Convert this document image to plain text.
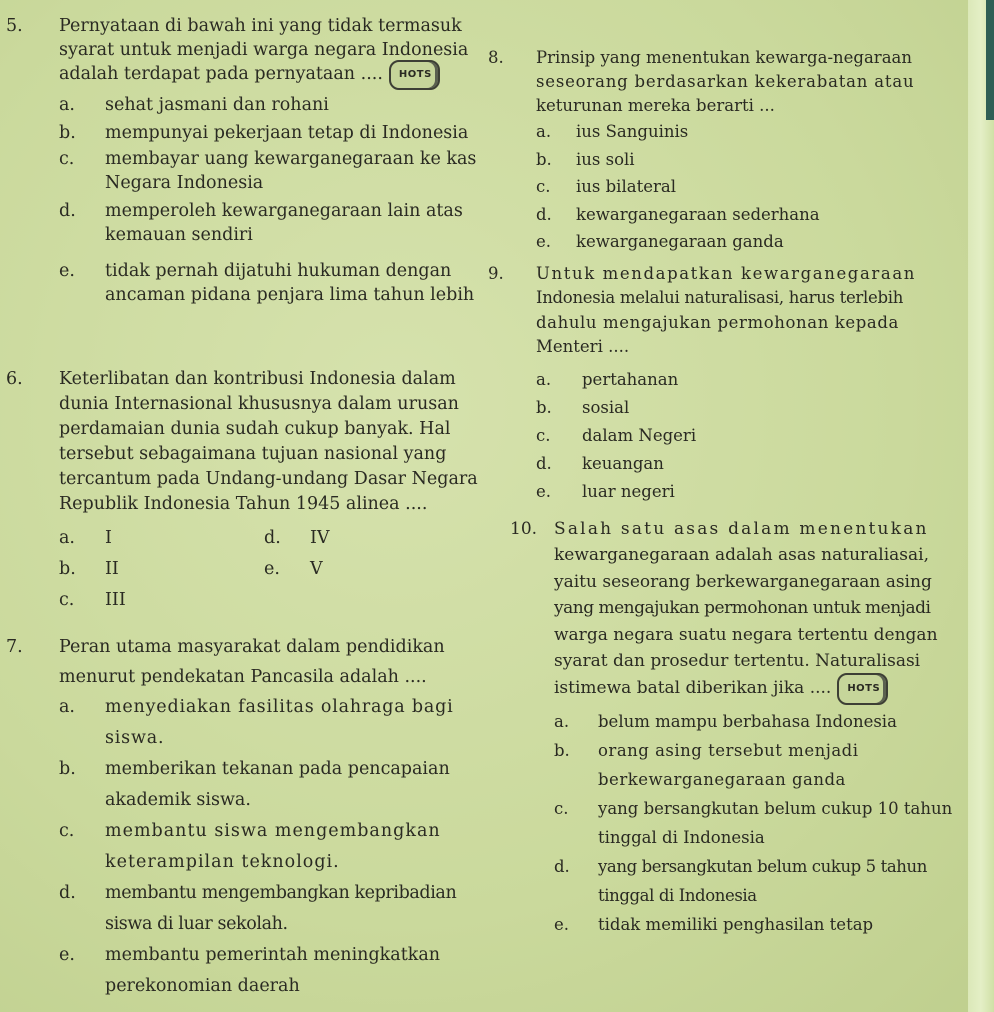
5.	Pernyataan di bawah ini yang tidak termasuk

syarat untuk menjadi warga negara Indonesia

adalah terdapat pada pernyataan .... HOTS

a.	sehat jasmani dan rohani
b.	mempunyai pekerjaan tetap di Indonesia
c.	membayar uang kewarganegaraan ke kas Negara Indonesia
d.	memperoleh kewarganegaraan lain atas kemauan sendiri
e.	tidak pernah dijatuhi hukuman dengan ancaman pidana penjara lima tahun lebih
6.	Keterlibatan dan kontribusi Indonesia dalam

dunia Internasional khususnya dalam urusan

perdamaian dunia sudah cukup banyak. Hal

tersebut sebagaimana tujuan nasional yang

tercantum pada Undang-undang Dasar Negara

Republik Indonesia Tahun 1945 alinea ....

a.	I	d.	IV
b.	II	e.	V
c.	III
7.	Peran utama masyarakat dalam pendidikan

menurut pendekatan Pancasila adalah ....

a.	menyediakan fasilitas olahraga bagi siswa.
b.	memberikan tekanan pada pencapaian akademik siswa.
c.	membantu siswa mengembangkan keterampilan teknologi.
d.	membantu mengembangkan kepribadian siswa di luar sekolah.
e.	membantu pemerintah meningkatkan perekonomian daerah
8.	Prinsip yang menentukan kewarga-negaraan

seseorang berdasarkan kekerabatan atau

keturunan mereka berarti ...

a.	ius Sanguinis
b.	ius soli
c.	ius bilateral
d.	kewarganegaraan sederhana
e.	kewarganegaraan ganda
9.	Untuk mendapatkan kewarganegaraan

Indonesia melalui naturalisasi, harus terlebih

dahulu mengajukan permohonan kepada

Menteri ....

a.	pertahanan
b.	sosial
c.	dalam Negeri
d.	keuangan
e.	luar negeri
10. Salah satu asas dalam menentukan

kewarganegaraan adalah asas naturaliasai,

yaitu seseorang berkewarganegaraan asing

yang mengajukan permohonan untuk menjadi

warga negara suatu negara tertentu dengan

syarat dan prosedur tertentu. Naturalisasi

istimewa batal diberikan jika .... HOTS

a.	belum mampu berbahasa Indonesia
b.	orang asing tersebut menjadi berkewarganegaraan ganda
c.	yang bersangkutan belum cukup 10 tahun tinggal di Indonesia
d.	yang bersangkutan belum cukup 5 tahun tinggal di Indonesia
e.	tidak memiliki penghasilan tetap
